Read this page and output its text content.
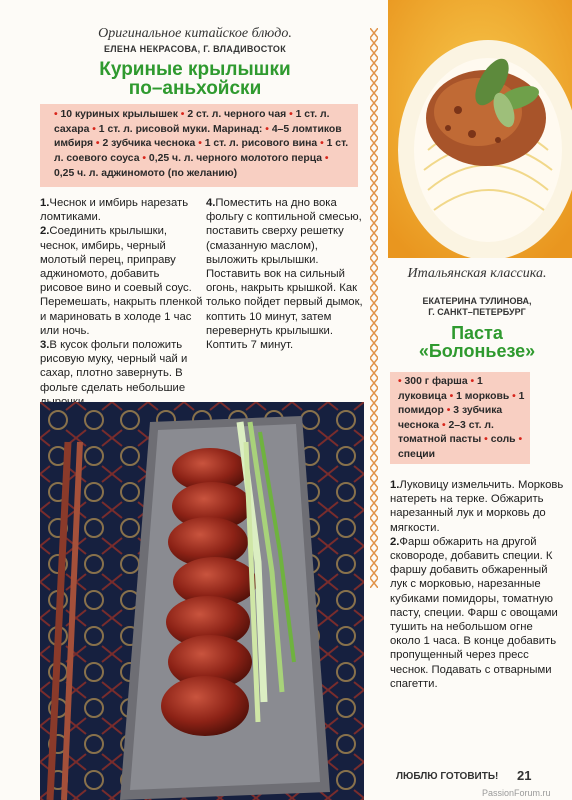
Оригинальное китайское блюдо.
ЕЛЕНА НЕКРАСОВА, Г. ВЛАДИВОСТОК
Куриные крылышки
по–аньхойски
• 10 куриных крылышек • 2 ст. л. черного чая • 1 ст. л. сахара • 1 ст. л. рисовой муки. Маринад: • 4–5 ломтиков имбиря • 2 зубчика чеснока • 1 ст. л. рисового вина • 1 ст. л. соевого соуса • 0,25 ч. л. черного молотого перца • 0,25 ч. л. аджиномото (по желанию)
1.Чеснок и имбирь нарезать ломтиками.
2.Соединить крылышки, чеснок, имбирь, черный молотый перец, приправу аджиномото, добавить рисовое вино и соевый соус. Перемешать, накрыть пленкой и мариновать в холоде 1 час или ночь.
3.В кусок фольги положить рисовую муку, черный чай и сахар, плотно завернуть. В фольге сделать небольшие
4.Поместить на дно вока фольгу с коптильной смесью, поставить сверху решетку (смазанную маслом), выложить крылышки. Поставить вок на сильный огонь, накрыть крышкой. Как только пойдет первый дымок, коптить 10 минут, затем перевернуть крылышки. Коптить 7 минут.
Итальянская классика.
ЕКАТЕРИНА ТУЛИНОВА,
Г. САНКТ–ПЕТЕРБУРГ
Паста
«Болоньезе»
• 300 г фарша • 1 луковица • 1 морковь • 1 помидор • 3 зубчика чеснока • 2–3 ст. л. томатной пасты • соль • специи
1.Луковицу измельчить. Морковь натереть на терке. Обжарить нарезанный лук и морковь до мягкости.
2.Фарш обжарить на другой сковороде, добавить специи. К фаршу добавить обжаренный лук с морковью, нарезанные кубиками помидоры, томатную пасту, специи. Фарш с овощами тушить на небольшом огне около 1 часа. В конце добавить пропущенный через пресс чеснок. Подавать с отварными спагетти.
ЛЮБЛЮ ГОТОВИТЬ! 21
PassionForum.ru
